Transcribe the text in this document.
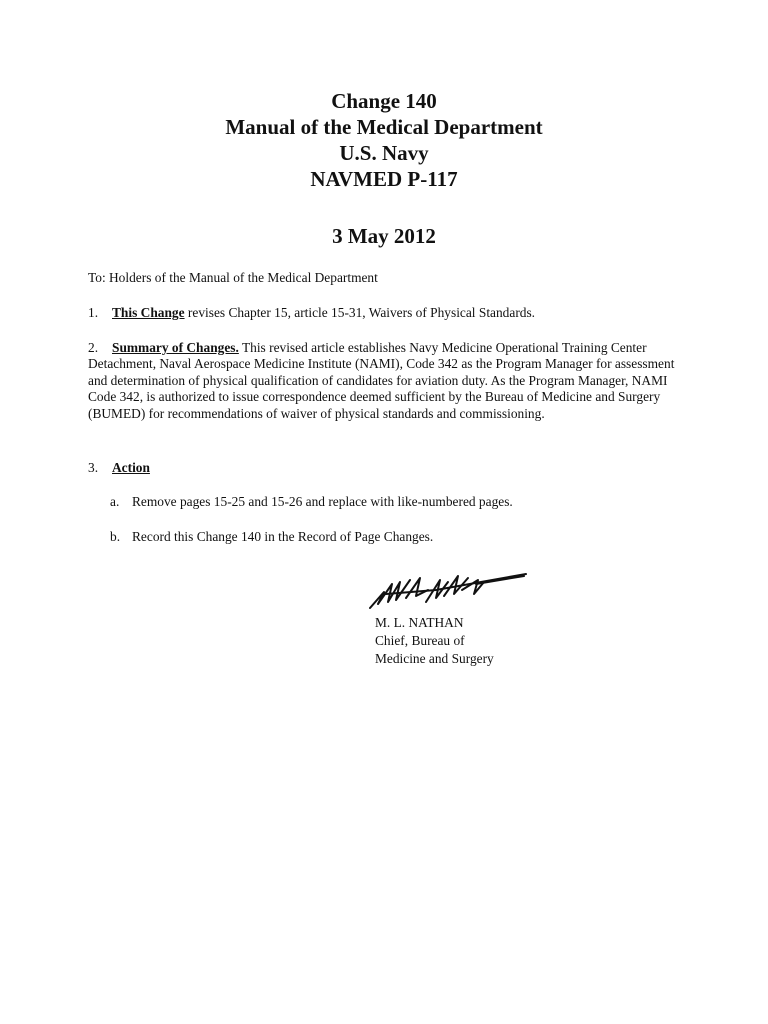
Change 140
Manual of the Medical Department
U.S. Navy
NAVMED P-117
3 May 2012
To: Holders of the Manual of the Medical Department
1. This Change revises Chapter 15, article 15-31, Waivers of Physical Standards.
2. Summary of Changes. This revised article establishes Navy Medicine Operational Training Center Detachment, Naval Aerospace Medicine Institute (NAMI), Code 342 as the Program Manager for assessment and determination of physical qualification of candidates for aviation duty. As the Program Manager, NAMI Code 342, is authorized to issue correspondence deemed sufficient by the Bureau of Medicine and Surgery (BUMED) for recommendations of waiver of physical standards and commissioning.
3. Action
a. Remove pages 15-25 and 15-26 and replace with like-numbered pages.
b. Record this Change 140 in the Record of Page Changes.
M. L. NATHAN
Chief, Bureau of
Medicine and Surgery
